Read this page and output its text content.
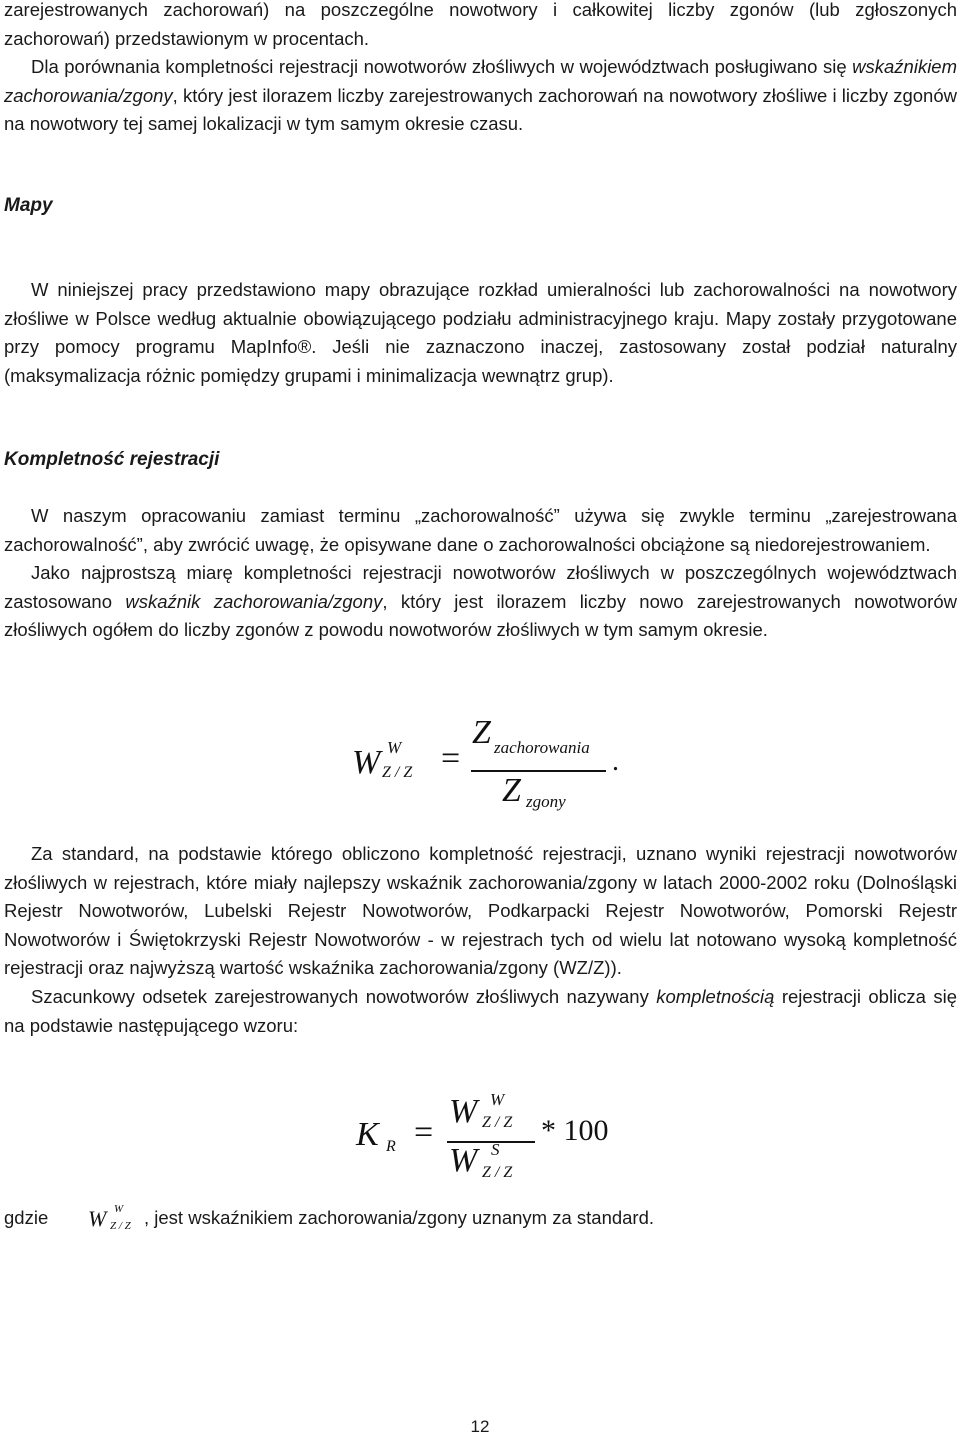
zarejestrowanych zachorowań) na poszczególne nowotwory i całkowitej liczby zgonów (lub zgłoszonych zachorowań) przedstawionym w procentach.

Dla porównania kompletności rejestracji nowotworów złośliwych w województwach posługiwano się wskaźnikiem zachorowania/zgony, który jest ilorazem liczby zarejestrowanych zachorowań na nowotwory złośliwe i liczby zgonów na nowotwory tej samej lokalizacji w tym samym okresie czasu.

Mapy

W niniejszej pracy przedstawiono mapy obrazujące rozkład umieralności lub zachorowalności na nowotwory złośliwe w Polsce według aktualnie obowiązującego podziału administracyjnego kraju. Mapy zostały przygotowane przy pomocy programu MapInfo®. Jeśli nie zaznaczono inaczej, zastosowany został podział naturalny (maksymalizacja różnic pomiędzy grupami i minimalizacja wewnątrz grup).

Kompletność rejestracji

W naszym opracowaniu zamiast terminu „zachorowalność” używa się zwykle terminu „zarejestrowana zachorowalność”, aby zwrócić uwagę, że opisywane dane o zachorowalności obciążone są niedorejestrowaniem.

Jako najprostszą miarę kompletności rejestracji nowotworów złośliwych w poszczególnych województwach zastosowano wskaźnik zachorowania/zgony, który jest ilorazem liczby nowo zarejestrowanych nowotworów złośliwych ogółem do liczby zgonów z powodu nowotworów złośliwych w tym samym okresie.

W W
Z / Z =
Z zachorowania
Z zgony
.

Za standard, na podstawie którego obliczono kompletność rejestracji, uznano wyniki rejestracji nowotworów złośliwych w rejestrach, które miały najlepszy wskaźnik zachorowania/zgony w latach 2000-2002 roku (Dolnośląski Rejestr Nowotworów, Lubelski Rejestr Nowotworów, Podkarpacki Rejestr Nowotworów, Pomorski Rejestr Nowotworów i Świętokrzyski Rejestr Nowotworów - w rejestrach tych od wielu lat notowano wysoką kompletność rejestracji oraz najwyższą wartość wskaźnika zachorowania/zgony (WZ/Z)).

Szacunkowy odsetek zarejestrowanych nowotworów złośliwych nazywany kompletnością rejestracji oblicza się na podstawie następującego wzoru:

K R =
W W
Z / Z
W S
Z / Z
* 100
gdzie W W
Z / Z , jest wskaźnikiem zachorowania/zgony uznanym za standard.
12
